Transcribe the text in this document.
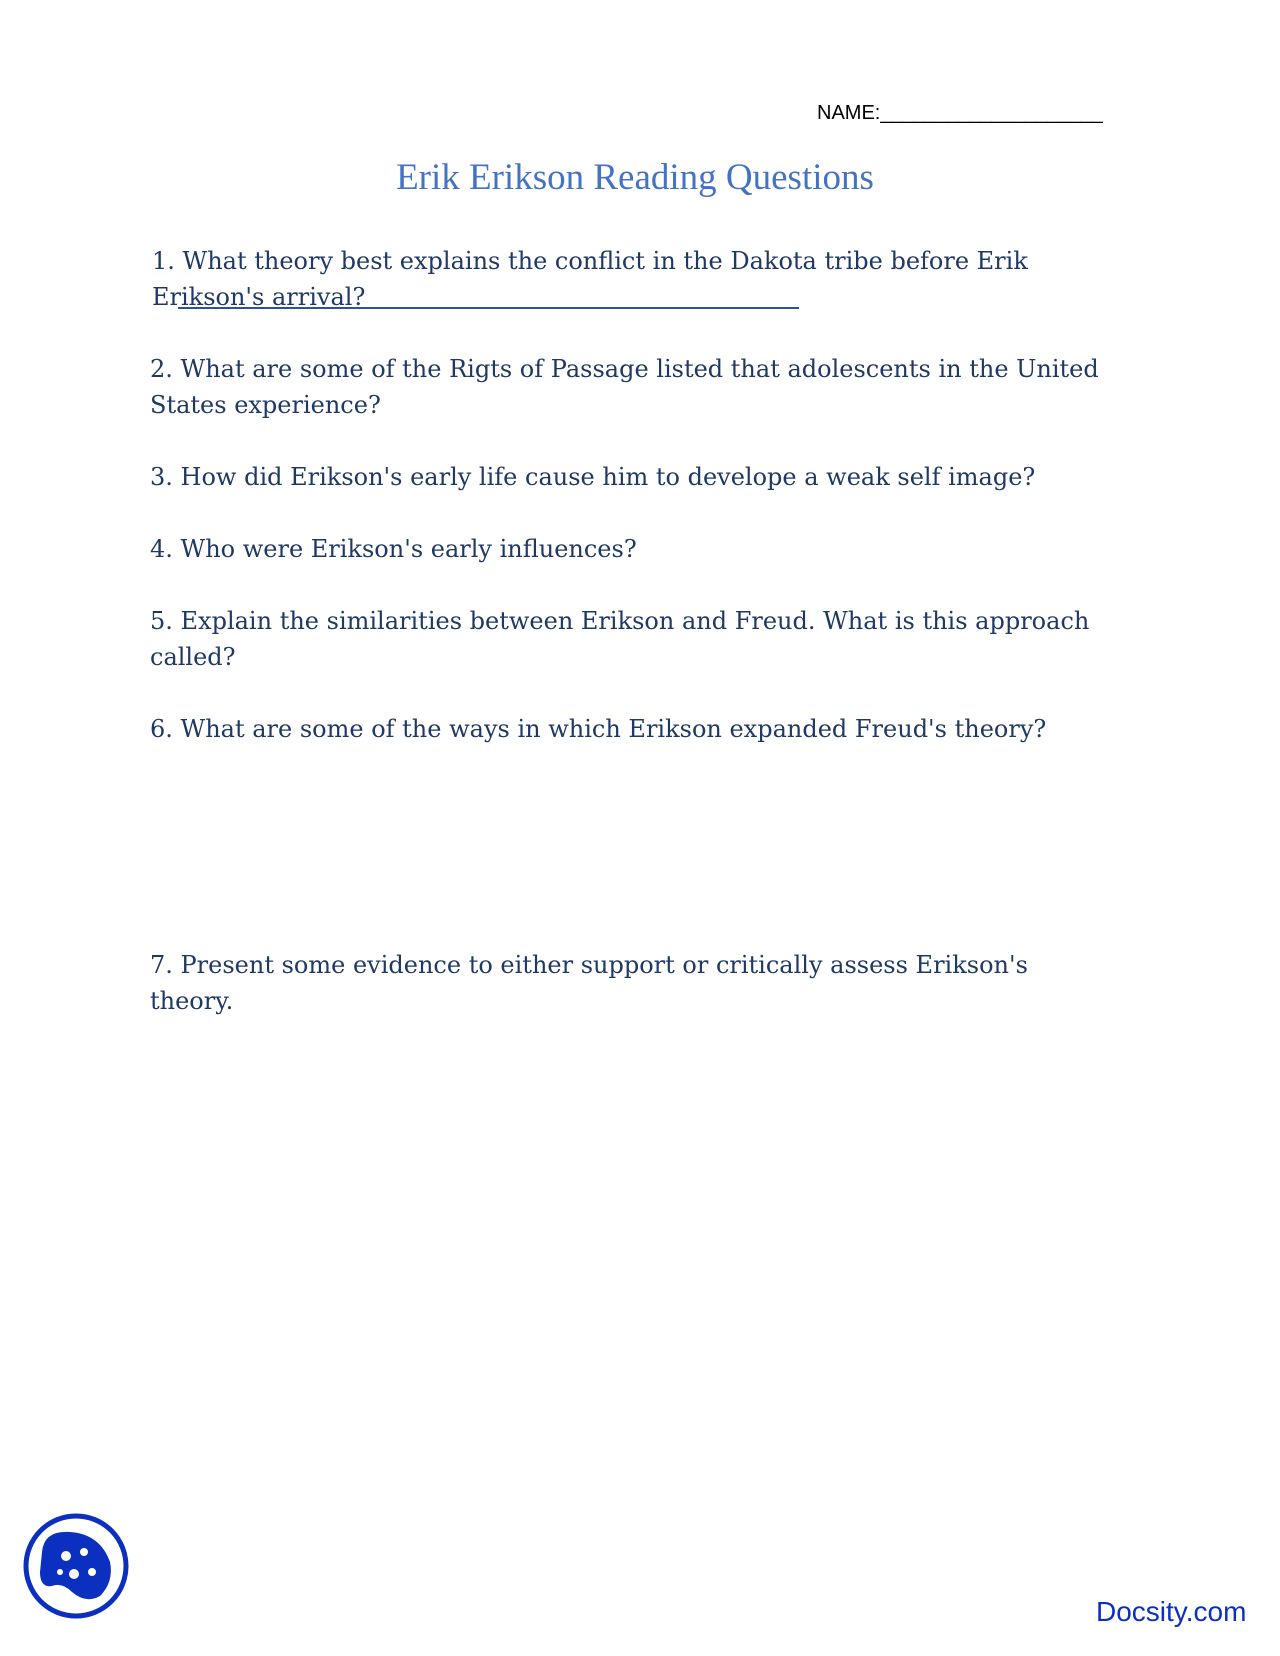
NAME:____________________
Erik Erikson Reading Questions
1. What theory best explains the conflict in the Dakota tribe before Erik Erikson's arrival?
2. What are some of the Rigts of Passage listed that adolescents in the United States experience?
3. How did Erikson's early life cause him to develope a weak self image?
4. Who were Erikson's early influences?
5. Explain the similarities between Erikson and Freud. What is this approach called?
6. What are some of the ways in which Erikson expanded Freud's theory?
7. Present some evidence to either support or critically assess Erikson's theory.
Docsity.com
